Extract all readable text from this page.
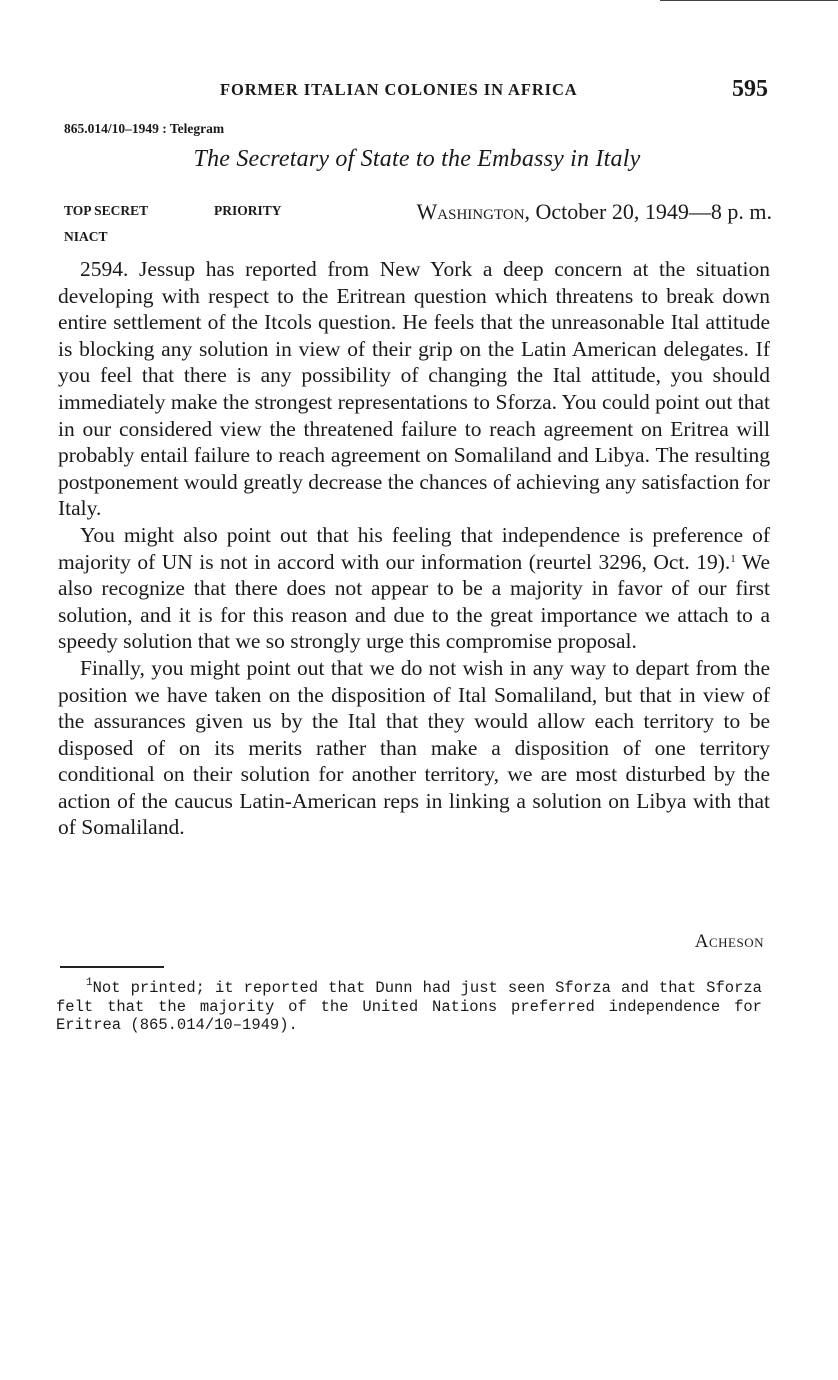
FORMER ITALIAN COLONIES IN AFRICA	595
865.014/10–1949 : Telegram
The Secretary of State to the Embassy in Italy
TOP SECRET	PRIORITY
NIACT
Washington, October 20, 1949—8 p. m.

2594. Jessup has reported from New York a deep concern at the situation developing with respect to the Eritrean question which threatens to break down entire settlement of the Itcols question. He feels that the unreasonable Ital attitude is blocking any solution in view of their grip on the Latin American delegates. If you feel that there is any possibility of changing the Ital attitude, you should immediately make the strongest representations to Sforza. You could point out that in our considered view the threatened failure to reach agreement on Eritrea will probably entail failure to reach agreement on Somaliland and Libya. The resulting postponement would greatly decrease the chances of achieving any satisfaction for Italy.

You might also point out that his feeling that independence is preference of majority of UN is not in accord with our information (reurtel 3296, Oct. 19).$^1$ We also recognize that there does not appear to be a majority in favor of our first solution, and it is for this reason and due to the great importance we attach to a speedy solution that we so strongly urge this compromise proposal.

Finally, you might point out that we do not wish in any way to depart from the position we have taken on the disposition of Ital Somaliland, but that in view of the assurances given us by the Ital that they would allow each territory to be disposed of on its merits rather than make a disposition of one territory conditional on their solution for another territory, we are most disturbed by the action of the caucus Latin-American reps in linking a solution on Libya with that of Somaliland.

Acheson
$^1$Not printed; it reported that Dunn had just seen Sforza and that Sforza felt that the majority of the United Nations preferred independence for Eritrea (865.014/10–1949).
